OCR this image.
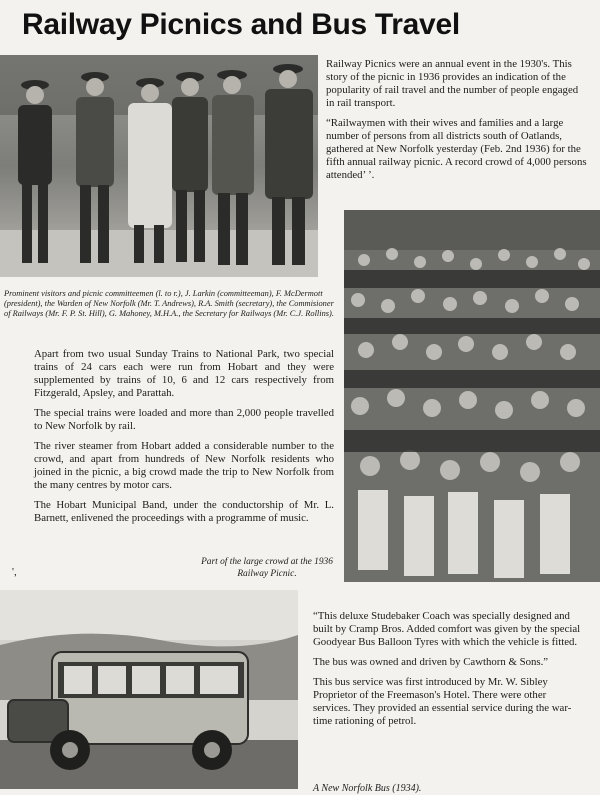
Railway Picnics and Bus Travel

Railway Picnics were an annual event in the 1930's. This story of the picnic in 1936 provides an indication of the popularity of rail travel and the number of people engaged in rail transport.

“Railwaymen with their wives and families and a large number of persons from all districts south of Oatlands, gathered at New Norfolk yesterday (Feb. 2nd 1936) for the fifth annual railway picnic. A record crowd of 4,000 persons attended’ ’.

Prominent visitors and picnic committeemen (l. to r.), J. Larkin (committeeman), F. McDermott (president), the Warden of New Norfolk (Mr. T. Andrews), R.A. Smith (secretary), the Commisioner of Railways (Mr. F. P. St. Hill), G. Mahoney, M.H.A., the Secretary for Railways (Mr. C.J. Rollins).

Apart from two usual Sunday Trains to National Park, two special trains of 24 cars each were run from Hobart and they were supplemented by trains of 10, 6 and 12 cars respectively from Fitzgerald, Apsley, and Parattah.

The special trains were loaded and more than 2,000 people travelled to New Norfolk by rail.

The river steamer from Hobart added a considerable number to the crowd, and apart from hundreds of New Norfolk residents who joined in the picnic, a big crowd made the trip to New Norfolk from the many centres by motor cars.

The Hobart Municipal Band, under the conductorship of Mr. L. Barnett, enlivened the proceedings with a programme of music.

Part of the large crowd at the 1936 Railway Picnic.

',

“This deluxe Studebaker Coach was specially designed and built by Cramp Bros. Added comfort was given by the special Goodyear Bus Balloon Tyres with which the vehicle is fitted.

The bus was owned and driven by Cawthorn & Sons.”

This bus service was first introduced by Mr. W. Sibley Proprietor of the Freemason's Hotel. There were other services. They provided an essential service during the war-time rationing of petrol.

A New Norfolk Bus (1934).
